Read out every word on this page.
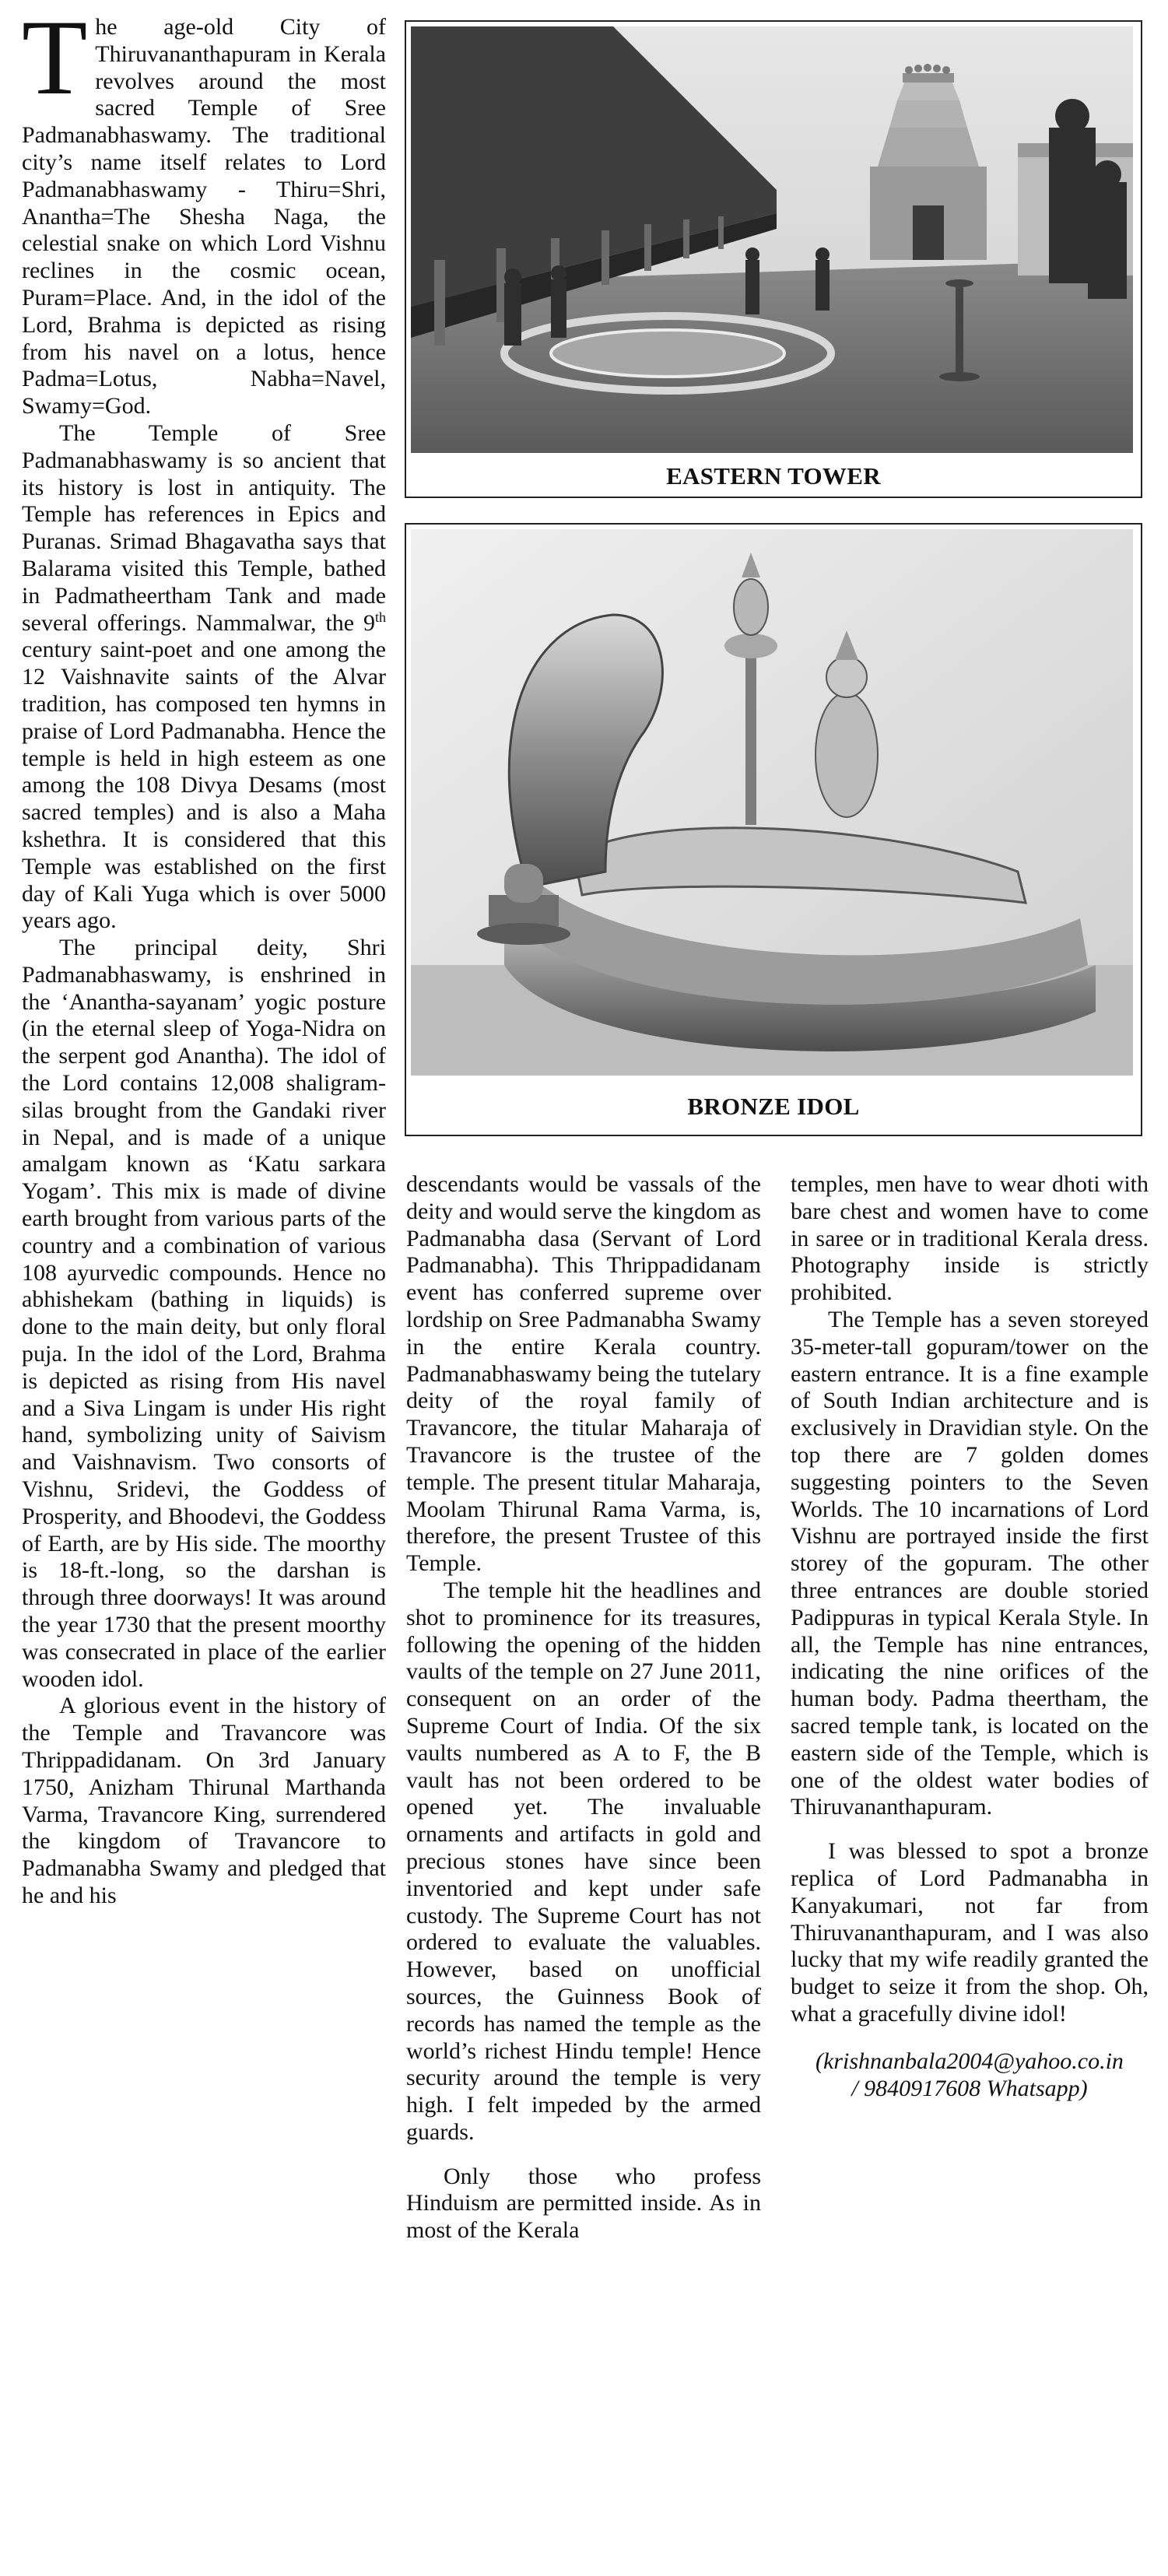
The age-old City of Thiruvananthapuram in Kerala revolves around the most sacred Temple of Sree Padmanabhaswamy. The traditional city’s name itself relates to Lord Padmanabhaswamy - Thiru=Shri, Anantha=The Shesha Naga, the celestial snake on which Lord Vishnu reclines in the cosmic ocean, Puram=Place. And, in the idol of the Lord, Brahma is depicted as rising from his navel on a lotus, hence Padma=Lotus, Nabha=Navel, Swamy=God.

The Temple of Sree Padmanabhaswamy is so ancient that its history is lost in antiquity. The Temple has references in Epics and Puranas. Srimad Bhagavatha says that Balarama visited this Temple, bathed in Padmatheertham Tank and made several offerings. Nammalwar, the 9th century saint-poet and one among the 12 Vaishnavite saints of the Alvar tradition, has composed ten hymns in praise of Lord Padmanabha. Hence the temple is held in high esteem as one among the 108 Divya Desams (most sacred temples) and is also a Maha kshethra. It is considered that this Temple was established on the first day of Kali Yuga which is over 5000 years ago.

The principal deity, Shri Padmanabhaswamy, is enshrined in the ‘Anantha-sayanam’ yogic posture (in the eternal sleep of Yoga-Nidra on the serpent god Anantha). The idol of the Lord contains 12,008 shaligram-silas brought from the Gandaki river in Nepal, and is made of a unique amalgam known as ‘Katu sarkara Yogam’. This mix is made of divine earth brought from various parts of the country and a combination of various 108 ayurvedic compounds. Hence no abhishekam (bathing in liquids) is done to the main deity, but only floral puja. In the idol of the Lord, Brahma is depicted as rising from His navel and a Siva Lingam is under His right hand, symbolizing unity of Saivism and Vaishnavism. Two consorts of Vishnu, Sridevi, the Goddess of Prosperity, and Bhoodevi, the Goddess of Earth, are by His side. The moorthy is 18-ft.-long, so the darshan is through three doorways! It was around the year 1730 that the present moorthy was consecrated in place of the earlier wooden idol.

A glorious event in the history of the Temple and Travancore was Thrippadidanam. On 3rd January 1750, Anizham Thirunal Marthanda Varma, Travancore King, surrendered the kingdom of Travancore to Padmanabha Swamy and pledged that he and his

EASTERN TOWER
BRONZE IDOL

descendants would be vassals of the deity and would serve the kingdom as Padmanabha dasa (Servant of Lord Padmanabha). This Thrippadidanam event has conferred supreme over lordship on Sree Padmanabha Swamy in the entire Kerala country. Padmanabhaswamy being the tutelary deity of the royal family of Travancore, the titular Maharaja of Travancore is the trustee of the temple. The present titular Maharaja, Moolam Thirunal Rama Varma, is, therefore, the present Trustee of this Temple.

The temple hit the headlines and shot to prominence for its treasures, following the opening of the hidden vaults of the temple on 27 June 2011, consequent on an order of the Supreme Court of India. Of the six vaults numbered as A to F, the B vault has not been ordered to be opened yet. The invaluable ornaments and artifacts in gold and precious stones have since been inventoried and kept under safe custody. The Supreme Court has not ordered to evaluate the valuables. However, based on unofficial sources, the Guinness Book of records has named the temple as the world’s richest Hindu temple! Hence security around the temple is very high. I felt impeded by the armed guards.

Only those who profess Hinduism are permitted inside. As in most of the Kerala

temples, men have to wear dhoti with bare chest and women have to come in saree or in traditional Kerala dress. Photography inside is strictly prohibited.

The Temple has a seven storeyed 35-meter-tall gopuram/tower on the eastern entrance. It is a fine example of South Indian architecture and is exclusively in Dravidian style. On the top there are 7 golden domes suggesting pointers to the Seven Worlds. The 10 incarnations of Lord Vishnu are portrayed inside the first storey of the gopuram. The other three entrances are double storied Padippuras in typical Kerala Style. In all, the Temple has nine entrances, indicating the nine orifices of the human body. Padma theertham, the sacred temple tank, is located on the eastern side of the Temple, which is one of the oldest water bodies of Thiruvananthapuram.

I was blessed to spot a bronze replica of Lord Padmanabha in Kanyakumari, not far from Thiruvananthapuram, and I was also lucky that my wife readily granted the budget to seize it from the shop. Oh, what a gracefully divine idol!

(krishnanbala2004@yahoo.co.in
/ 9840917608 Whatsapp)
